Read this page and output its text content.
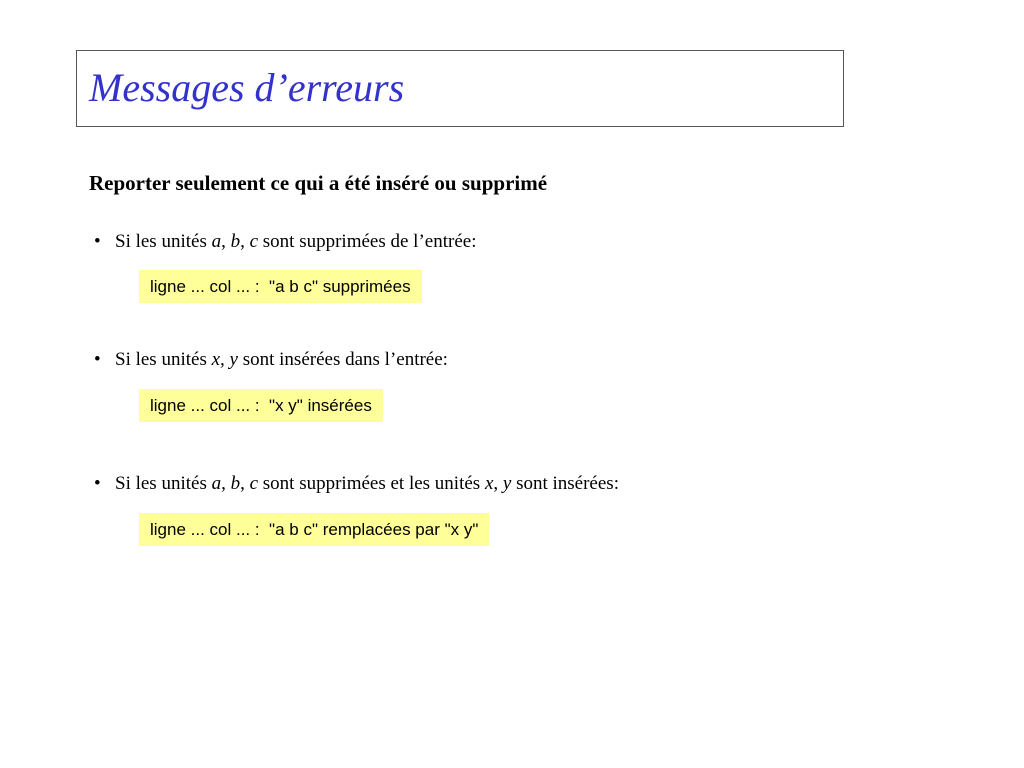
Messages d’erreurs
Reporter seulement ce qui a été inséré ou supprimé
• Si les unités a, b, c sont supprimées de l’entrée:
ligne ... col ... :  "a b c" supprimées
• Si les unités x, y sont insérées dans l’entrée:
ligne ... col ... :  "x y" insérées
• Si les unités a, b, c sont supprimées et les unités x, y sont insérées:
ligne ... col ... :  "a b c" remplacées par "x y"
